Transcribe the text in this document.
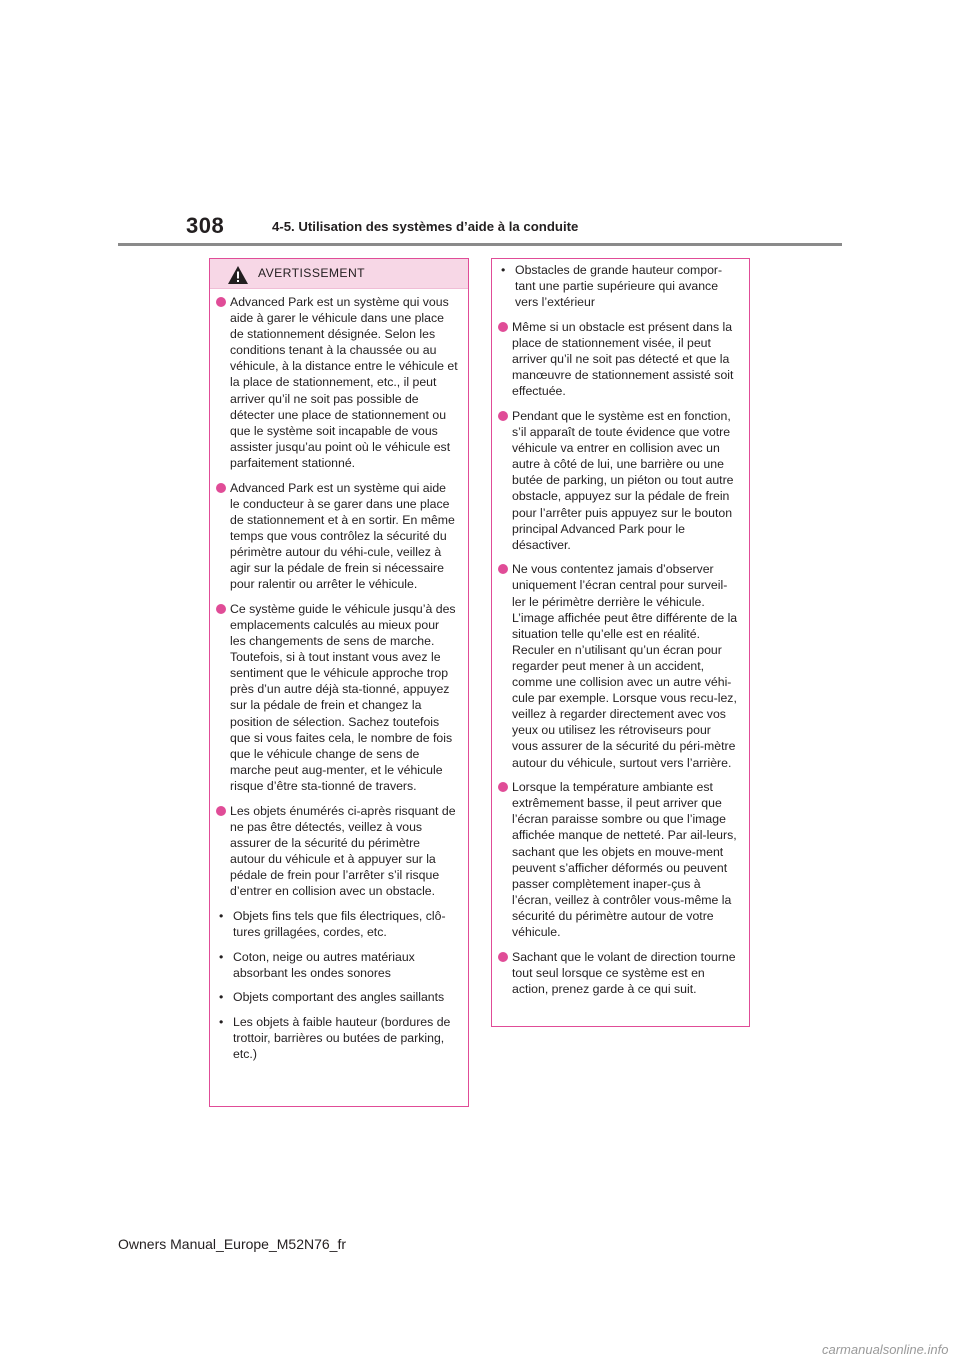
308	4-5. Utilisation des systèmes d’aide à la conduite
AVERTISSEMENT
Advanced Park est un système qui vous aide à garer le véhicule dans une place de stationnement désignée. Selon les conditions tenant à la chaussée ou au véhicule, à la distance entre le véhicule et la place de stationnement, etc., il peut arriver qu’il ne soit pas possible de détecter une place de stationnement ou que le système soit incapable de vous assister jusqu’au point où le véhicule est parfaitement stationné.
Advanced Park est un système qui aide le conducteur à se garer dans une place de stationnement et à en sortir. En même temps que vous contrôlez la sécurité du périmètre autour du véhi-cule, veillez à agir sur la pédale de frein si nécessaire pour ralentir ou arrêter le véhicule.
Ce système guide le véhicule jusqu’à des emplacements calculés au mieux pour les changements de sens de marche. Toutefois, si à tout instant vous avez le sentiment que le véhicule approche trop près d’un autre déjà sta-tionné, appuyez sur la pédale de frein et changez la position de sélection. Sachez toutefois que si vous faites cela, le nombre de fois que le véhicule change de sens de marche peut aug-menter, et le véhicule risque d’être sta-tionné de travers.
Les objets énumérés ci-après risquant de ne pas être détectés, veillez à vous assurer de la sécurité du périmètre autour du véhicule et à appuyer sur la pédale de frein pour l’arrêter s’il risque d’entrer en collision avec un obstacle.
• Objets fins tels que fils électriques, clô-tures grillagées, cordes, etc.
• Coton, neige ou autres matériaux absorbant les ondes sonores
• Objets comportant des angles saillants
• Les objets à faible hauteur (bordures de trottoir, barrières ou butées de parking, etc.)
• Obstacles de grande hauteur compor-tant une partie supérieure qui avance vers l’extérieur
Même si un obstacle est présent dans la place de stationnement visée, il peut arriver qu’il ne soit pas détecté et que la manœuvre de stationnement assisté soit effectuée.
Pendant que le système est en fonction, s’il apparaît de toute évidence que votre véhicule va entrer en collision avec un autre à côté de lui, une barrière ou une butée de parking, un piéton ou tout autre obstacle, appuyez sur la pédale de frein pour l’arrêter puis appuyez sur le bouton principal Advanced Park pour le désactiver.
Ne vous contentez jamais d’observer uniquement l’écran central pour surveil-ler le périmètre derrière le véhicule. L’image affichée peut être différente de la situation telle qu’elle est en réalité. Reculer en n’utilisant qu’un écran pour regarder peut mener à un accident, comme une collision avec un autre véhi-cule par exemple. Lorsque vous recu-lez, veillez à regarder directement avec vos yeux ou utilisez les rétroviseurs pour vous assurer de la sécurité du péri-mètre autour du véhicule, surtout vers l’arrière.
Lorsque la température ambiante est extrêmement basse, il peut arriver que l’écran paraisse sombre ou que l’image affichée manque de netteté. Par ail-leurs, sachant que les objets en mouve-ment peuvent s’afficher déformés ou peuvent passer complètement inaper-çus à l’écran, veillez à contrôler vous-même la sécurité du périmètre autour de votre véhicule.
Sachant que le volant de direction tourne tout seul lorsque ce système est en action, prenez garde à ce qui suit.
Owners Manual_Europe_M52N76_fr
carmanualsonline.info
